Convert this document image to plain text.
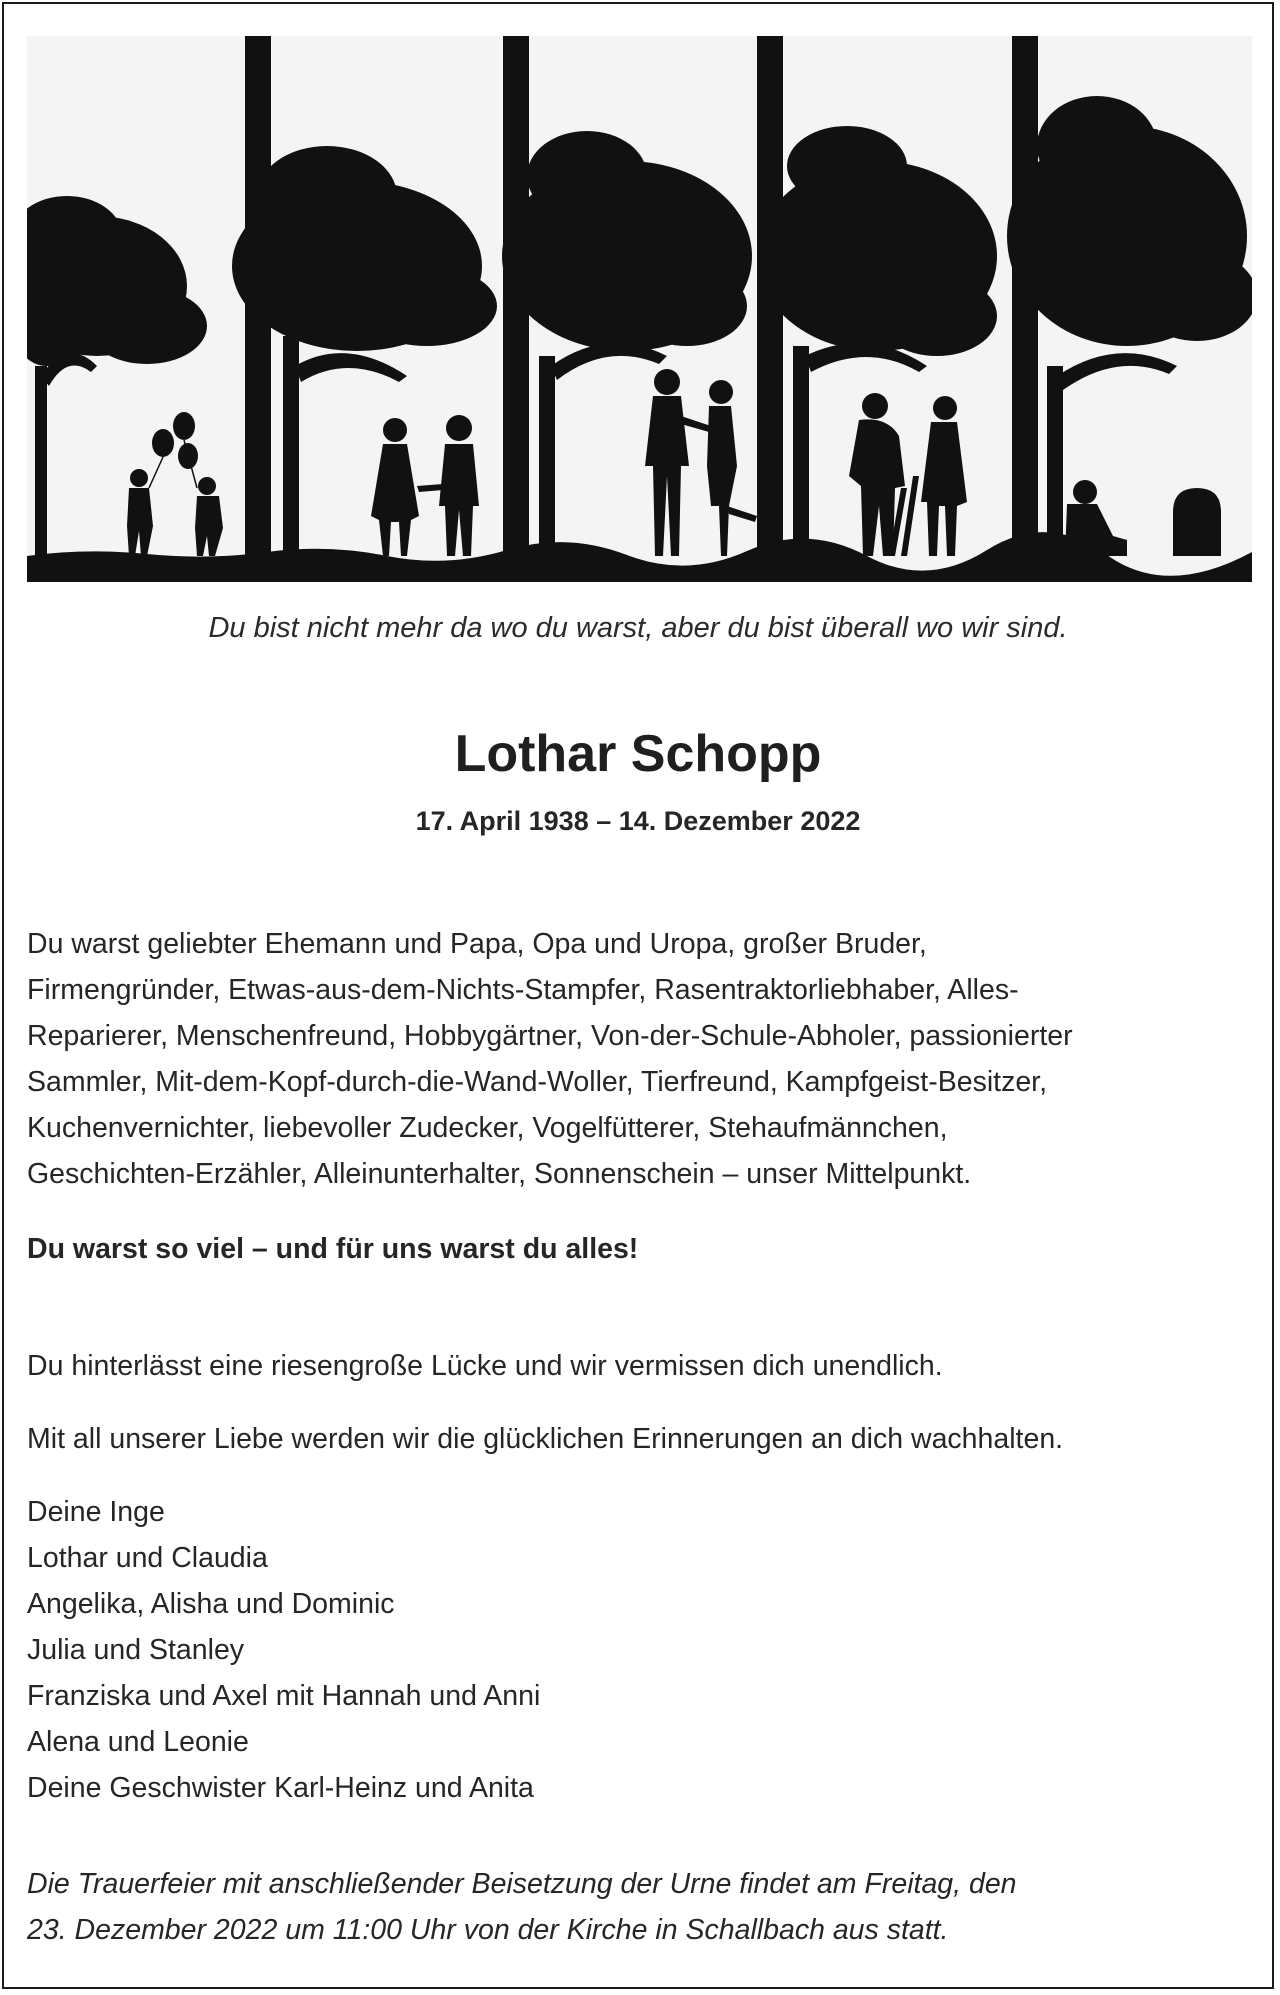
Du bist nicht mehr da wo du warst, aber du bist überall wo wir sind.
Lothar Schopp
17. April 1938 – 14. Dezember 2022
Du warst geliebter Ehemann und Papa, Opa und Uropa, großer Bruder,
Firmengründer, Etwas-aus-dem-Nichts-Stampfer, Rasentraktorliebhaber, Alles-
Reparierer, Menschenfreund, Hobbygärtner, Von-der-Schule-Abholer, passionierter
Sammler, Mit-dem-Kopf-durch-die-Wand-Woller, Tierfreund, Kampfgeist-Besitzer,
Kuchenvernichter, liebevoller Zudecker, Vogelfütterer, Stehaufmännchen,
Geschichten-Erzähler, Alleinunterhalter, Sonnenschein – unser Mittelpunkt.
Du warst so viel – und für uns warst du alles!
Du hinterlässt eine riesengroße Lücke und wir vermissen dich unendlich.
Mit all unserer Liebe werden wir die glücklichen Erinnerungen an dich wachhalten.
Deine Inge
Lothar und Claudia
Angelika, Alisha und Dominic
Julia und Stanley
Franziska und Axel mit Hannah und Anni
Alena und Leonie
Deine Geschwister Karl-Heinz und Anita
Die Trauerfeier mit anschließender Beisetzung der Urne findet am Freitag, den
23. Dezember 2022 um 11:00 Uhr von der Kirche in Schallbach aus statt.
